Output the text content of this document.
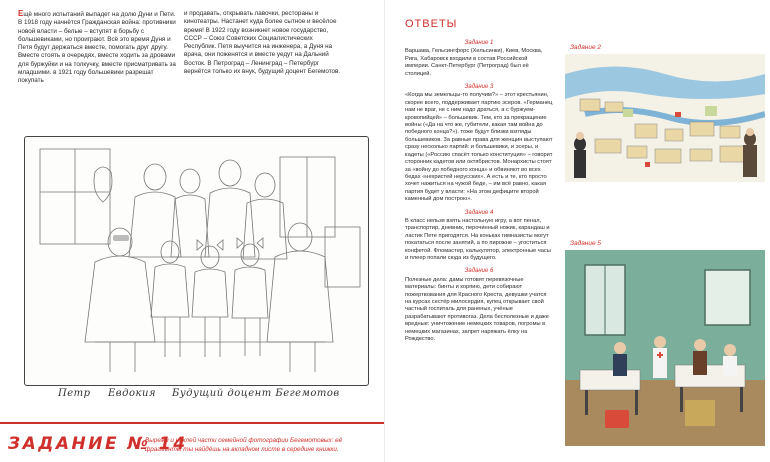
Ещё много испытаний выпадет на долю Дуни и Пети. В 1918 году начнётся Гражданская война: противники новой власти – белые – вступят в борьбу с большевиками, но проиграют. Всё это время Дуня и Петя будут держаться вместе, помогать друг другу. Вместе стоять в очередях, вместе ходить за дровами для буржуйки и на толкучку, вместе присматривать за младшими. в 1921 году большевики разрешат покупать

и продавать, открывать лавочки, рестораны и кинотеатры. Настанет куда более сытное и весёлое время! В 1922 году возникнет новое государство, СССР – Союз Советских Социалистических Республик. Петя выучится на инженера, а Дуня на врача, они поженятся и вместе уедут на Дальний Восток. В Петроград – Ленинград – Петербург вернётся только их внук, будущий доцент Бегемотов.

Петр Евдокия Будущий доцент Бегемотов
ЗАДАНИЕ № 14
Вырежи и наклей части семейной фотографии Бегемотовых: её фрагменты ты найдёшь на вкладном листе в середине книжки.
ОТВЕТЫ
Задание 1
Варшава, Гельсингфорс (Хельсинки), Киев, Москва, Рига, Хабаровск входили в состав Российской империи. Санкт-Петербург (Петроград) был её столицей.
Задание 3
«Когда мы земельцы-то получим?» – этот крестьянин, скорее всего, поддерживает партию эсеров. «Германец нам не враг, не с ним надо драться, а с буржуем-кровопийцей» – большевик. Тем, кто за прекращение войны («Да на что же, губители, какая там война до победного конца?»), тоже будут близки взгляды большевиков. За равные права для женщин выступают сразу несколько партий: и большевики, и эсеры, и кадеты («Россию спасёт только конституция» – говорит сторонник кадетов или октябристов. Монархисты стоят за «войну до победного конца» и обвиняют во всех бедах «нехристей нерусских». А есть и те, кто просто хочет нажиться на чужой беде, – им всё равно, какая партия будет у власти: «На этом дефиците второй каменный дом построю».
Задание 4
В класс нельзя взять настольную игру, а вот пенал, транспортир, дневник, перочинный ножик, карандаш и ластик Пете пригодятся. На коньках гимназисты могут покататься после занятий, а по пирожне – угоститься конфетой. Фломастер, калькулятор, электронные часы и плеер попали сюда из будущего.
Задание 6
Полезные дела: дамы готовят перевязочные материалы: бинты и корпию, дети собирают пожертвования для Красного Креста, девушки учатся на курсах сестёр милосердия, купец открывает свой частный госпиталь для раненых, учёные разрабатывают противогаз. Дела бесполезные и даже вредные: уничтожение немецких товаров, погромы в немецких магазинах, запрет наряжать ёлку на Рождество.
Задание 2
Задание 5
